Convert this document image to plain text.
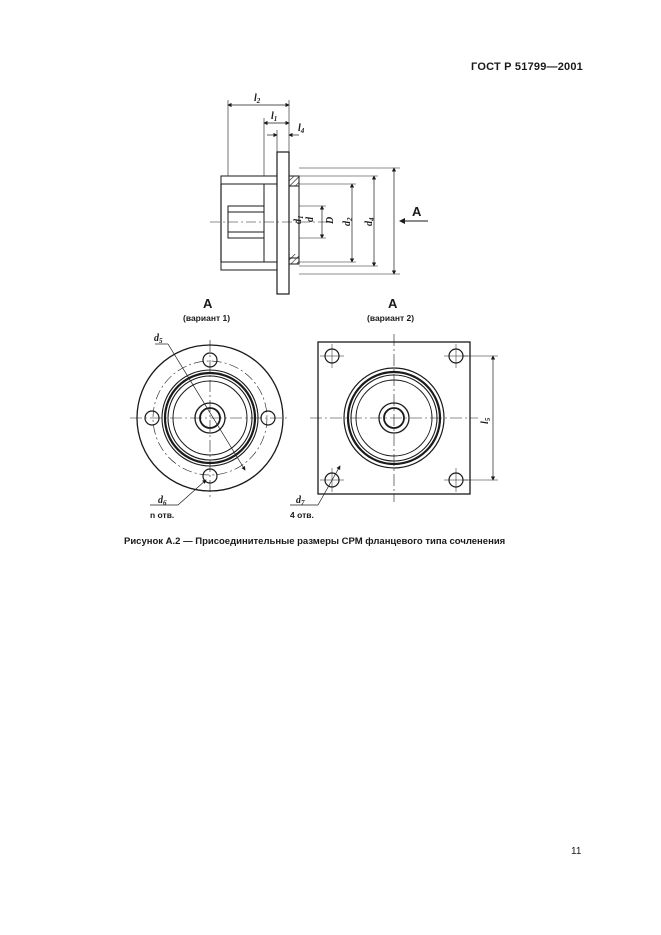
ГОСТ Р 51799—2001
$l_2$
$l_1$
$l_4$
$d_1$ d D $d_2$
$d_4$
А
А
(вариант 1)
$d_5$
$d_6$
n отв.
А
(вариант 2)
$l_5$
$d_7$
4 отв.
Рисунок А.2 — Присоединительные размеры СРМ фланцевого типа сочленения
11
